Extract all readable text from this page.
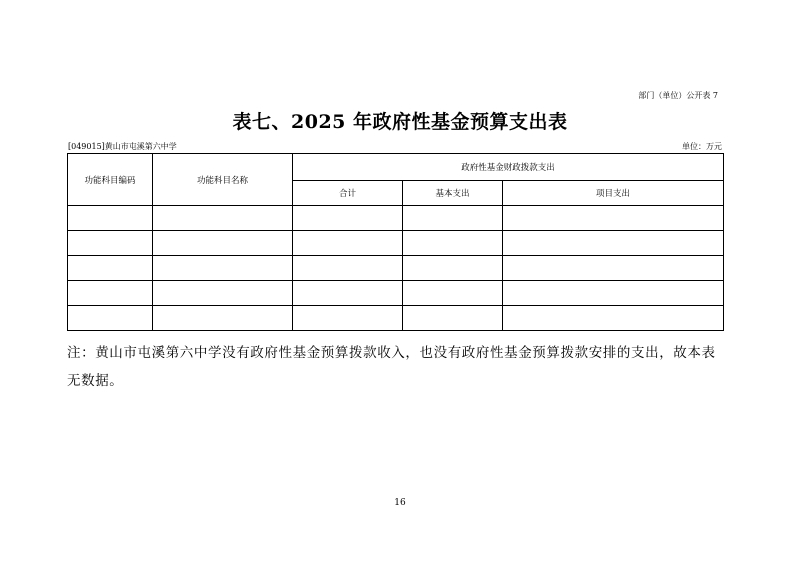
部门（单位）公开表 7
表七、2025 年政府性基金预算支出表
[049015]黄山市屯溪第六中学	单位：万元
功能科目编码	功能科目名称	政府性基金财政拨款支出		
		合计	基本支出	项目支出

注：黄山市屯溪第六中学没有政府性基金预算拨款收入，也没有政府性基金预算拨款安排的支出，故本表无数据。
16
